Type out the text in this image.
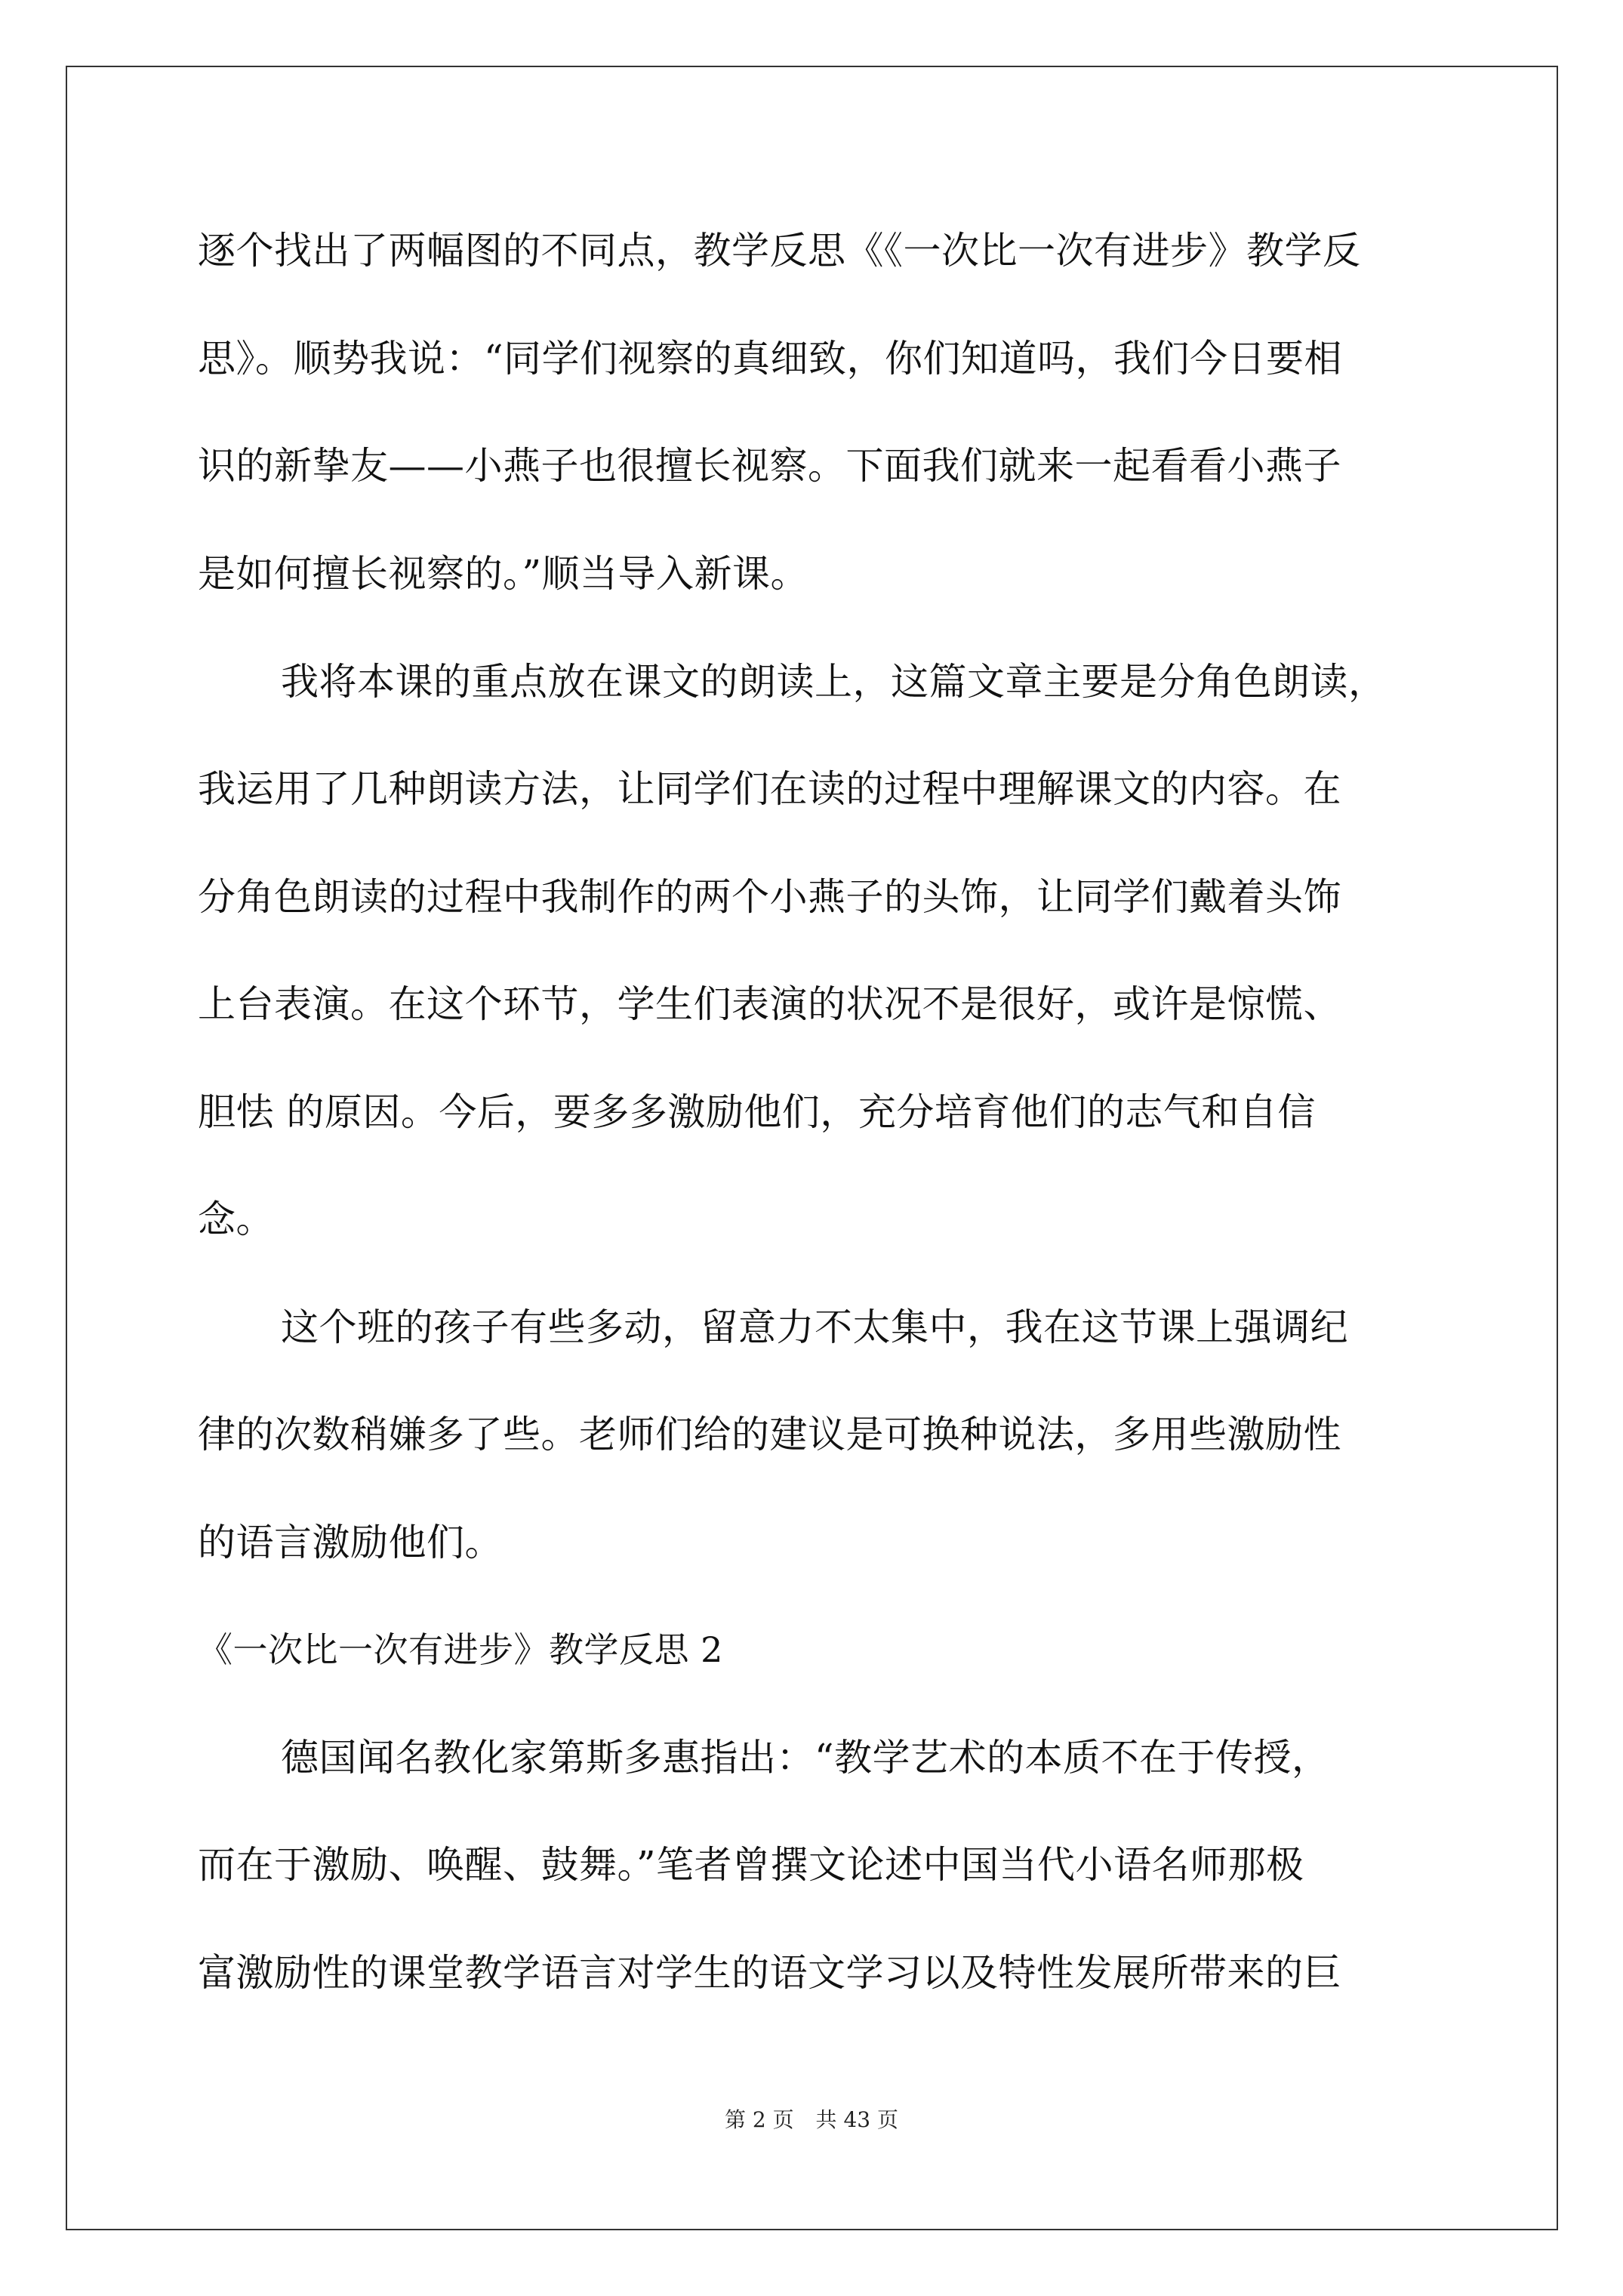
逐个找出了两幅图的不同点，教学反思《《一次比一次有进步》教学反
思》。顺势我说：“同学们视察的真细致，你们知道吗，我们今日要相
识的新挚友——小燕子也很擅长视察。下面我们就来一起看看小燕子
是如何擅长视察的。”顺当导入新课。
我将本课的重点放在课文的朗读上，这篇文章主要是分角色朗读，
我运用了几种朗读方法，让同学们在读的过程中理解课文的内容。在
分角色朗读的过程中我制作的两个小燕子的头饰，让同学们戴着头饰
上台表演。在这个环节，学生们表演的状况不是很好，或许是惊慌、
胆怯 的原因。今后，要多多激励他们，充分培育他们的志气和自信
念。
这个班的孩子有些多动，留意力不太集中，我在这节课上强调纪
律的次数稍嫌多了些。老师们给的建议是可换种说法，多用些激励性
的语言激励他们。
《一次比一次有进步》教学反思 2
德国闻名教化家第斯多惠指出：“教学艺术的本质不在于传授，
而在于激励、唤醒、鼓舞。”笔者曾撰文论述中国当代小语名师那极
富激励性的课堂教学语言对学生的语文学习以及特性发展所带来的巨
第 2 页 共 43 页
